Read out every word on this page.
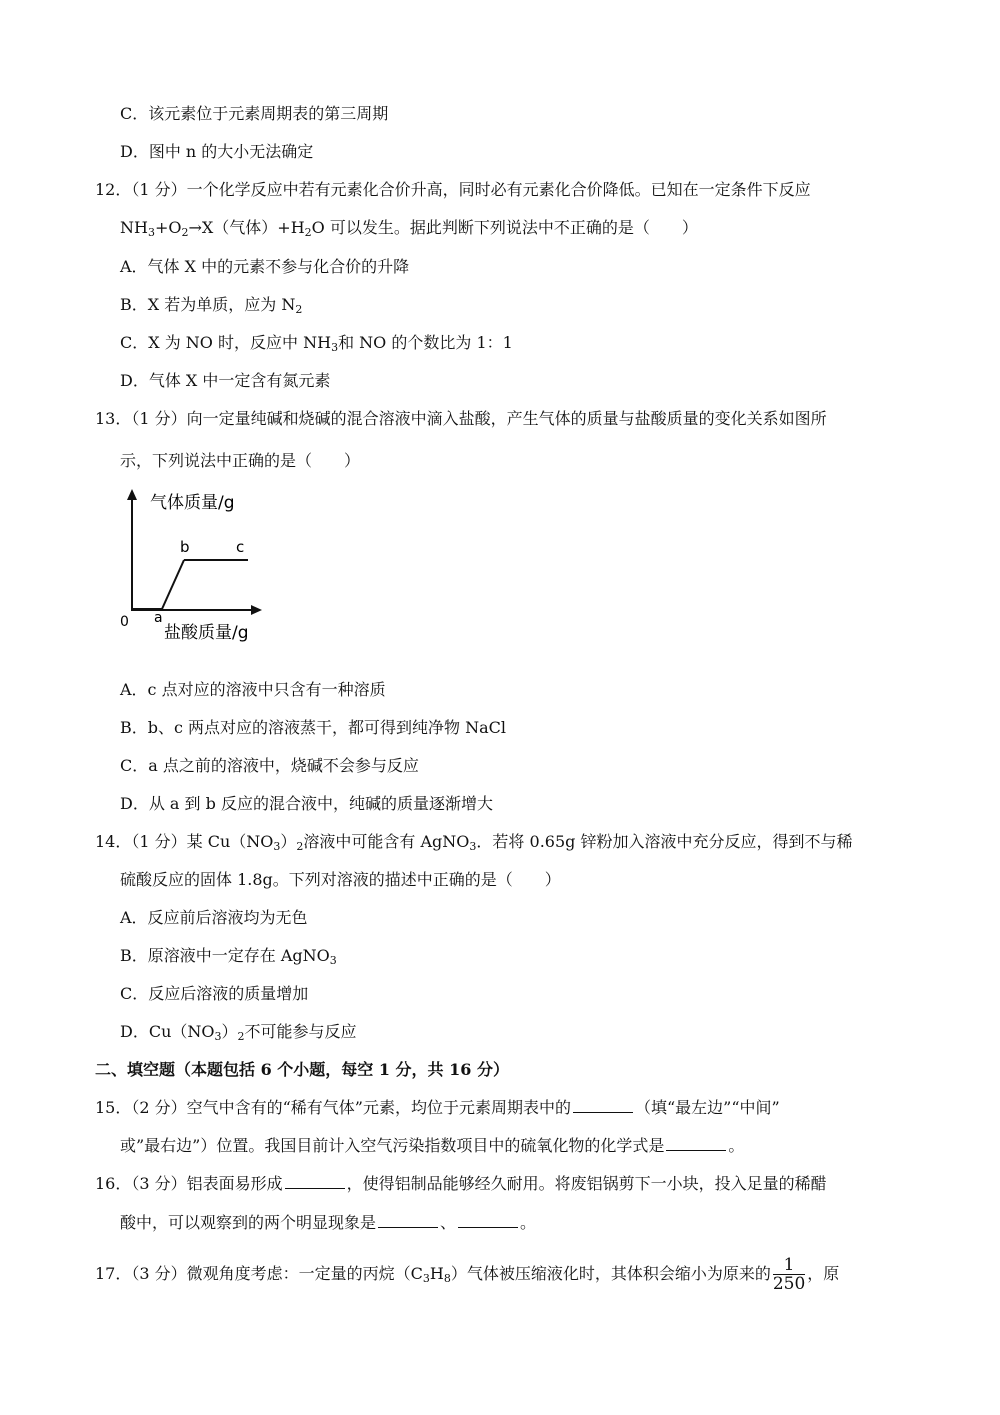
C．该元素位于元素周期表的第三周期
D．图中 n 的大小无法确定
12．（1 分）一个化学反应中若有元素化合价升高，同时必有元素化合价降低。已知在一定条件下反应
$NH_3+O_2\to X$（气体）$+H_2O$ 可以发生。据此判断下列说法中不正确的是（　　）
A．气体 X 中的元素不参与化合价的升降
B．X 若为单质，应为 $N_2$
C．X 为 NO 时，反应中 $NH_3$和 NO 的个数比为 1：1
D．气体 X 中一定含有氮元素
13．（1 分）向一定量纯碱和烧碱的混合溶液中滴入盐酸，产生气体的质量与盐酸质量的变化关系如图所
示，下列说法中正确的是（　　）
气体质量/g
b	c
0 a
盐酸质量/g
A．c 点对应的溶液中只含有一种溶质
B．b、c 两点对应的溶液蒸干，都可得到纯净物 NaCl
C．a 点之前的溶液中，烧碱不会参与反应
D．从 a 到 b 反应的混合液中，纯碱的质量逐渐增大
14．（1 分）某 $Cu(NO_3)_2$溶液中可能含有 AgNO$_3$．若将 0.65g 锌粉加入溶液中充分反应，得到不与稀
硫酸反应的固体 1.8g。下列对溶液的描述中正确的是（　　）
A．反应前后溶液均为无色
B．原溶液中一定存在 AgNO$_3$
C．反应后溶液的质量增加
D．$Cu(NO_3)_2$不可能参与反应
二、填空题（本题包括 6 个小题，每空 1 分，共 16 分）
15．（2 分）空气中含有的“稀有气体”元素，均位于元素周期表中的	（填“最左边”“中间”
或”最右边”）位置。我国目前计入空气污染指数项目中的硫氧化物的化学式是	。
16．（3 分）铝表面易形成	，使得铝制品能够经久耐用。将废铝锅剪下一小块，投入足量的稀醋
酸中，可以观察到的两个明显现象是	、	。
17．（3 分）微观角度考虑：一定量的丙烷$(C_3H_8)$气体被压缩液化时，其体积会缩小为原来的 $\frac{1}{250}$ ，原
